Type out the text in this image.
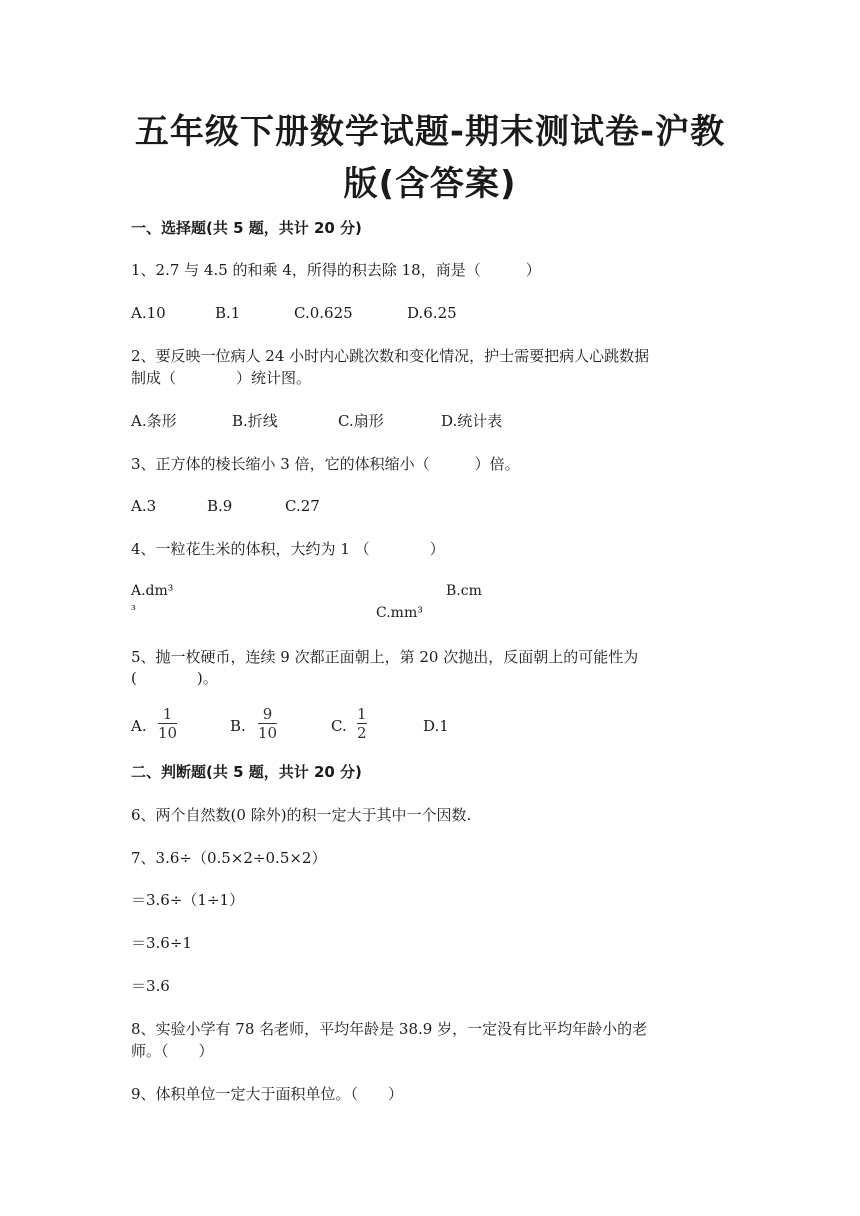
五年级下册数学试题-期末测试卷-沪教
版(含答案)
一、选择题(共 5 题，共计 20 分)
1、2.7 与 4.5 的和乘 4，所得的积去除 18，商是（　　　）
A.10	B.1	C.0.625	D.6.25
2、要反映一位病人 24 小时内心跳次数和变化情况，护士需要把病人心跳数据
制成（　　　　）统计图。
A.条形	B.折线	C.扇形	D.统计表
3、正方体的棱长缩小 3 倍，它的体积缩小（　　　）倍。
A.3	B.9	C.27
4、一粒花生米的体积，大约为 1 （　　　　）
A.dm³	B.cm
³	C.mm³
5、抛一枚硬币，连续 9 次都正面朝上，第 20 次抛出，反面朝上的可能性为
(　　　　)。
A.
1
10	B.
9
10	C.
1
2	D.1
二、判断题(共 5 题，共计 20 分)
6、两个自然数(0 除外)的积一定大于其中一个因数.
7、3.6÷（0.5×2÷0.5×2）
＝3.6÷（1÷1）
＝3.6÷1
＝3.6
8、实验小学有 78 名老师，平均年龄是 38.9 岁，一定没有比平均年龄小的老
师。（　　）
9、体积单位一定大于面积单位。（　　）
